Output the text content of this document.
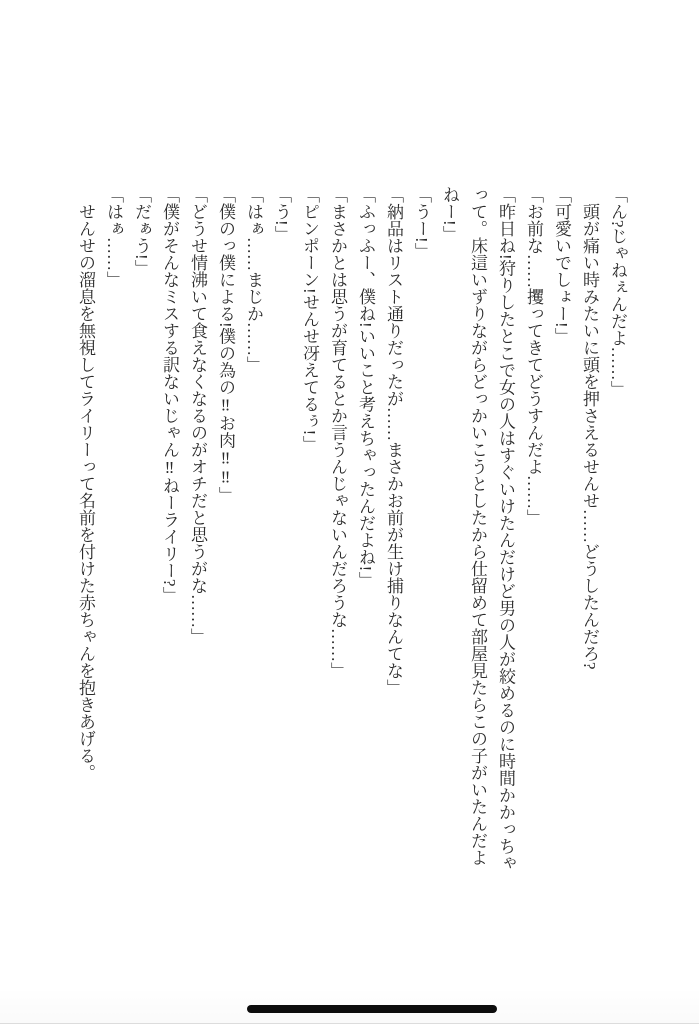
「ん?じゃねぇんだよ……」

頭が痛い時みたいに頭を押さえるせんせ……どうしたんだろ?

「可愛いでしょー!」

「お前な……攫ってきてどうすんだよ……」

「昨日ね!狩りしたとこで女の人はすぐいけたんだけど男の人が絞めるのに時間かかっちゃって。床這いずりながらどっかいこうとしたから仕留めて部屋見たらこの子がいたんだよねー!」

「うー!」

「納品はリスト通りだったが……まさかお前が生け捕りなんてな」

「ふっふー、僕ね!いいこと考えちゃったんだよね!」

「まさかとは思うが育てるとか言うんじゃないんだろうな……」

「ピンポーン!せんせ冴えてるぅ!」

「う!」

「はぁ……まじか……」

「僕のっ僕による!僕の為の‼お肉‼‼」

「どうせ情沸いて食えなくなるのがオチだと思うがな……」

「僕がそんなミスする訳ないじゃん‼ねーライリー?」

「だぁう!」

「はぁ……」

せんせの溜息を無視してライリーって名前を付けた赤ちゃんを抱きあげる。
